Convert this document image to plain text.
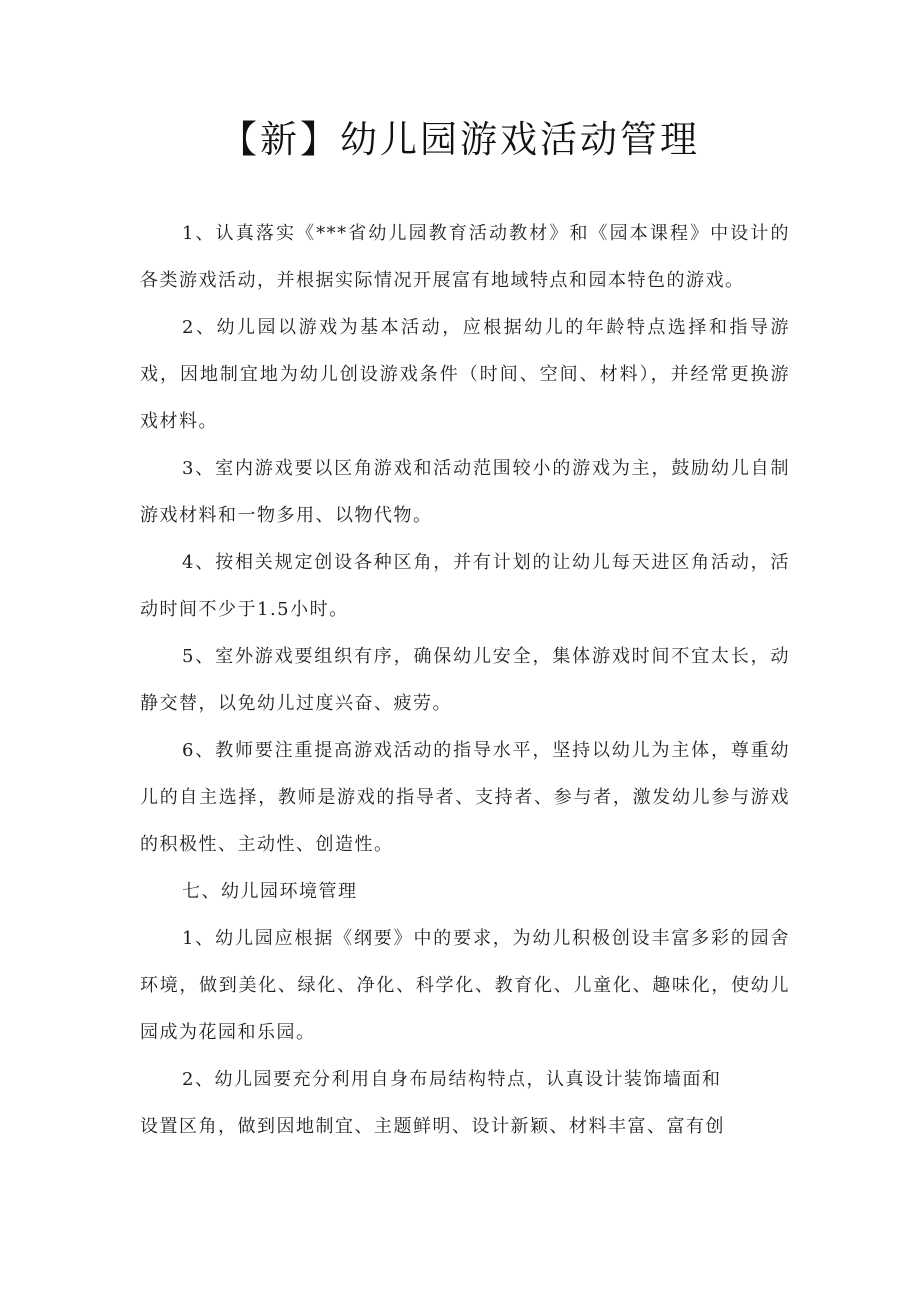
【新】幼儿园游戏活动管理

1、认真落实《***省幼儿园教育活动教材》和《园本课程》中设计的各类游戏活动，并根据实际情况开展富有地域特点和园本特色的游戏。

2、幼儿园以游戏为基本活动，应根据幼儿的年龄特点选择和指导游戏，因地制宜地为幼儿创设游戏条件（时间、空间、材料），并经常更换游戏材料。

3、室内游戏要以区角游戏和活动范围较小的游戏为主，鼓励幼儿自制游戏材料和一物多用、以物代物。

4、按相关规定创设各种区角，并有计划的让幼儿每天进区角活动，活动时间不少于1.5小时。

5、室外游戏要组织有序，确保幼儿安全，集体游戏时间不宜太长，动静交替，以免幼儿过度兴奋、疲劳。

6、教师要注重提高游戏活动的指导水平，坚持以幼儿为主体，尊重幼儿的自主选择，教师是游戏的指导者、支持者、参与者，激发幼儿参与游戏的积极性、主动性、创造性。

七、幼儿园环境管理

1、幼儿园应根据《纲要》中的要求，为幼儿积极创设丰富多彩的园舍环境，做到美化、绿化、净化、科学化、教育化、儿童化、趣味化，使幼儿园成为花园和乐园。

2、幼儿园要充分利用自身布局结构特点，认真设计装饰墙面和

设置区角，做到因地制宜、主题鲜明、设计新颖、材料丰富、富有创
